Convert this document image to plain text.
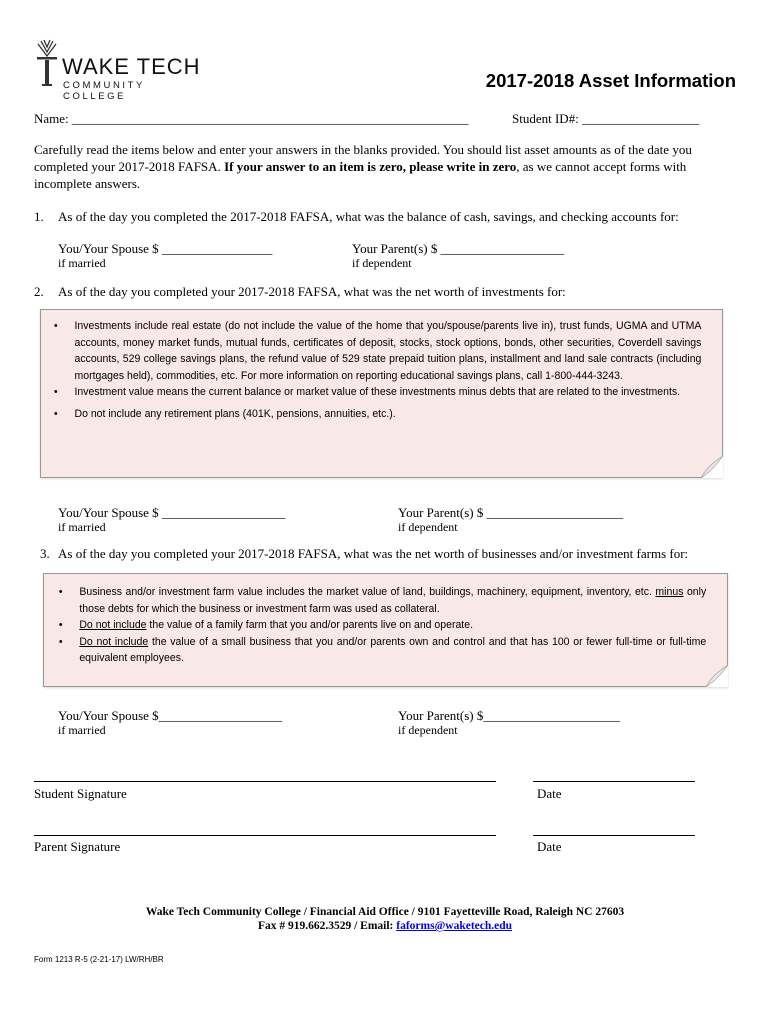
WAKE TECH
COMMUNITY COLLEGE
2017-2018 Asset Information
Name: _____________________________________________________________	Student ID#: __________________
Carefully read the items below and enter your answers in the blanks provided. You should list asset amounts as of the date you completed your 2017-2018 FAFSA. If your answer to an item is zero, please write in zero, as we cannot accept forms with incomplete answers.
1. As of the day you completed the 2017-2018 FAFSA, what was the balance of cash, savings, and checking accounts for:
You/Your Spouse $ _________________
if married
Your Parent(s) $ ___________________
if dependent
2. As of the day you completed your 2017-2018 FAFSA, what was the net worth of investments for:
• Investments include real estate (do not include the value of the home that you/spouse/parents live in), trust funds, UGMA and UTMA accounts, money market funds, mutual funds, certificates of deposit, stocks, stock options, bonds, other securities, Coverdell savings accounts, 529 college savings plans, the refund value of 529 state prepaid tuition plans, installment and land sale contracts (including mortgages held), commodities, etc. For more information on reporting educational savings plans, call 1-800-444-3243.
• Investment value means the current balance or market value of these investments minus debts that are related to the investments.
• Do not include any retirement plans (401K, pensions, annuities, etc.).
You/Your Spouse $ ___________________
if married
Your Parent(s) $ _____________________
if dependent
3. As of the day you completed your 2017-2018 FAFSA, what was the net worth of businesses and/or investment farms for:
• Business and/or investment farm value includes the market value of land, buildings, machinery, equipment, inventory, etc. minus only those debts for which the business or investment farm was used as collateral.
• Do not include the value of a family farm that you and/or parents live on and operate.
• Do not include the value of a small business that you and/or parents own and control and that has 100 or fewer full-time or full-time equivalent employees.
You/Your Spouse $___________________
if married
Your Parent(s) $_____________________
if dependent
Student Signature	Date
Parent Signature	Date
Wake Tech Community College / Financial Aid Office / 9101 Fayetteville Road, Raleigh NC 27603
Fax # 919.662.3529 / Email: faforms@waketech.edu
Form 1213 R-5 (2-21-17) LW/RH/BR
